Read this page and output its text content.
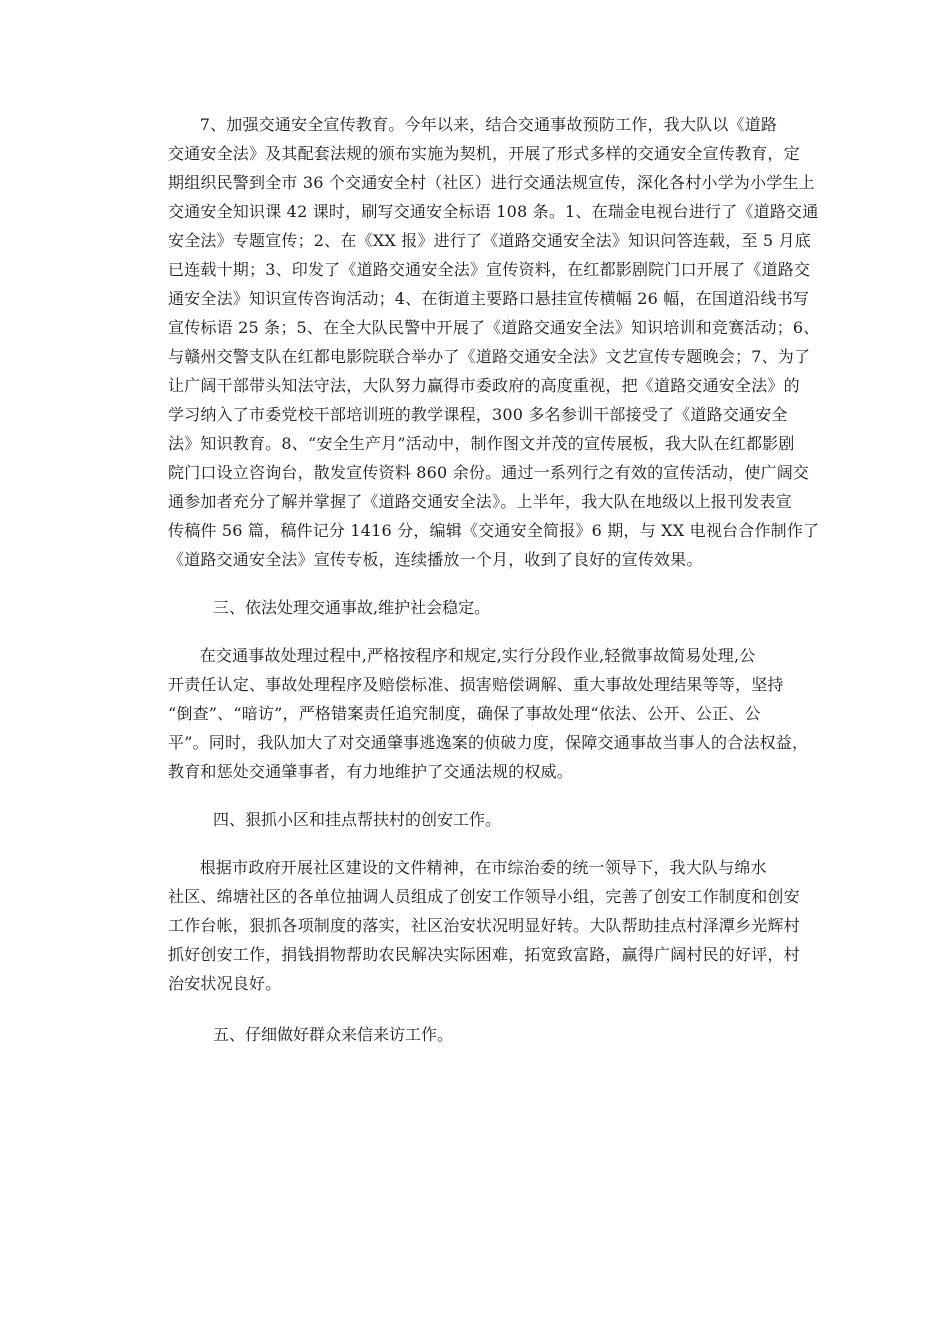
7、加强交通安全宣传教育。今年以来，结合交通事故预防工作，我大队以《道路
交通安全法》及其配套法规的颁布实施为契机，开展了形式多样的交通安全宣传教育，定
期组织民警到全市 36 个交通安全村（社区）进行交通法规宣传，深化各村小学为小学生上
交通安全知识课 42 课时，刷写交通安全标语 108 条。1、在瑞金电视台进行了《道路交通
安全法》专题宣传；2、在《XX 报》进行了《道路交通安全法》知识问答连载，至 5 月底
已连载十期；3、印发了《道路交通安全法》宣传资料，在红都影剧院门口开展了《道路交
通安全法》知识宣传咨询活动；4、在街道主要路口悬挂宣传横幅 26 幅，在国道沿线书写
宣传标语 25 条；5、在全大队民警中开展了《道路交通安全法》知识培训和竞赛活动；6、
与赣州交警支队在红都电影院联合举办了《道路交通安全法》文艺宣传专题晚会；7、为了
让广阔干部带头知法守法，大队努力赢得市委政府的高度重视，把《道路交通安全法》的
学习纳入了市委党校干部培训班的教学课程，300 多名参训干部接受了《道路交通安全
法》知识教育。8、“安全生产月”活动中，制作图文并茂的宣传展板，我大队在红都影剧
院门口设立咨询台，散发宣传资料 860 余份。通过一系列行之有效的宣传活动，使广阔交
通参加者充分了解并掌握了《道路交通安全法》。上半年，我大队在地级以上报刊发表宣
传稿件 56 篇，稿件记分 1416 分，编辑《交通安全简报》6 期，与 XX 电视台合作制作了
《道路交通安全法》宣传专板，连续播放一个月，收到了良好的宣传效果。

三、依法处理交通事故,维护社会稳定。

在交通事故处理过程中,严格按程序和规定,实行分段作业,轻微事故简易处理,公
开责任认定、事故处理程序及赔偿标准、损害赔偿调解、重大事故处理结果等等，坚持
“倒查”、“暗访”，严格错案责任追究制度，确保了事故处理“依法、公开、公正、公
平”。同时，我队加大了对交通肇事逃逸案的侦破力度，保障交通事故当事人的合法权益，
教育和惩处交通肇事者，有力地维护了交通法规的权威。

四、狠抓小区和挂点帮扶村的创安工作。

根据市政府开展社区建设的文件精神，在市综治委的统一领导下，我大队与绵水
社区、绵塘社区的各单位抽调人员组成了创安工作领导小组，完善了创安工作制度和创安
工作台帐，狠抓各项制度的落实，社区治安状况明显好转。大队帮助挂点村泽潭乡光辉村
抓好创安工作，捐钱捐物帮助农民解决实际困难，拓宽致富路，赢得广阔村民的好评，村
治安状况良好。

五、仔细做好群众来信来访工作。
